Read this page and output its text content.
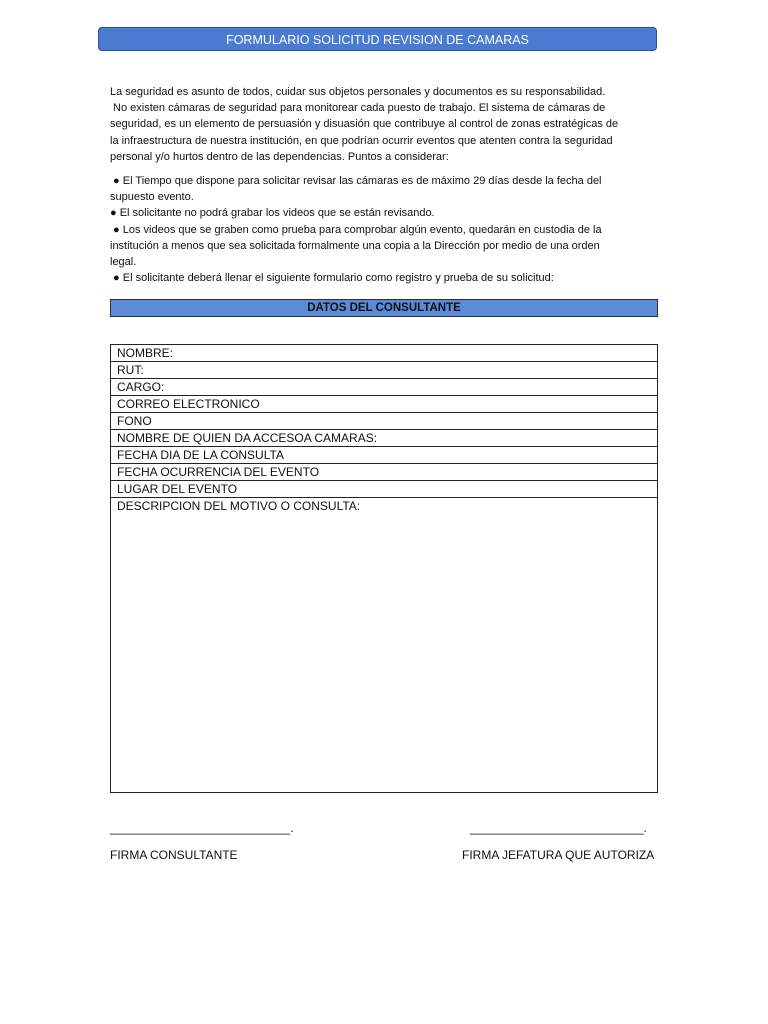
FORMULARIO SOLICITUD REVISION DE CAMARAS

La seguridad es asunto de todos, cuidar sus objetos personales y documentos es su responsabilidad.

No existen cámaras de seguridad para monitorear cada puesto de trabajo. El sistema de cámaras de

seguridad, es un elemento de persuasión y disuasión que contribuye al control de zonas estratégicas de

la infraestructura de nuestra institución, en que podrían ocurrir eventos que atenten contra la seguridad

personal y/o hurtos dentro de las dependencias. Puntos a considerar:

● El Tiempo que dispone para solicitar revisar las cámaras es de máximo 29 días desde la fecha del

supuesto evento.

● El solicitante no podrá grabar los videos que se están revisando.

● Los videos que se graben como prueba para comprobar algún evento, quedarán en custodia de la

institución a menos que sea solicitada formalmente una copia a la Dirección por medio de una orden

legal.

● El solicitante deberá llenar el siguiente formulario como registro y prueba de su solicitud:

DATOS DEL CONSULTANTE
NOMBRE:
RUT:
CARGO:
CORREO ELECTRONICO
FONO
NOMBRE DE QUIEN DA ACCESOA CAMARAS:
FECHA DIA DE LA CONSULTA
FECHA OCURRENCIA DEL EVENTO
LUGAR DEL EVENTO
DESCRIPCION DEL MOTIVO O CONSULTA:
___________________________.
FIRMA CONSULTANTE
__________________________.
FIRMA JEFATURA QUE AUTORIZA
